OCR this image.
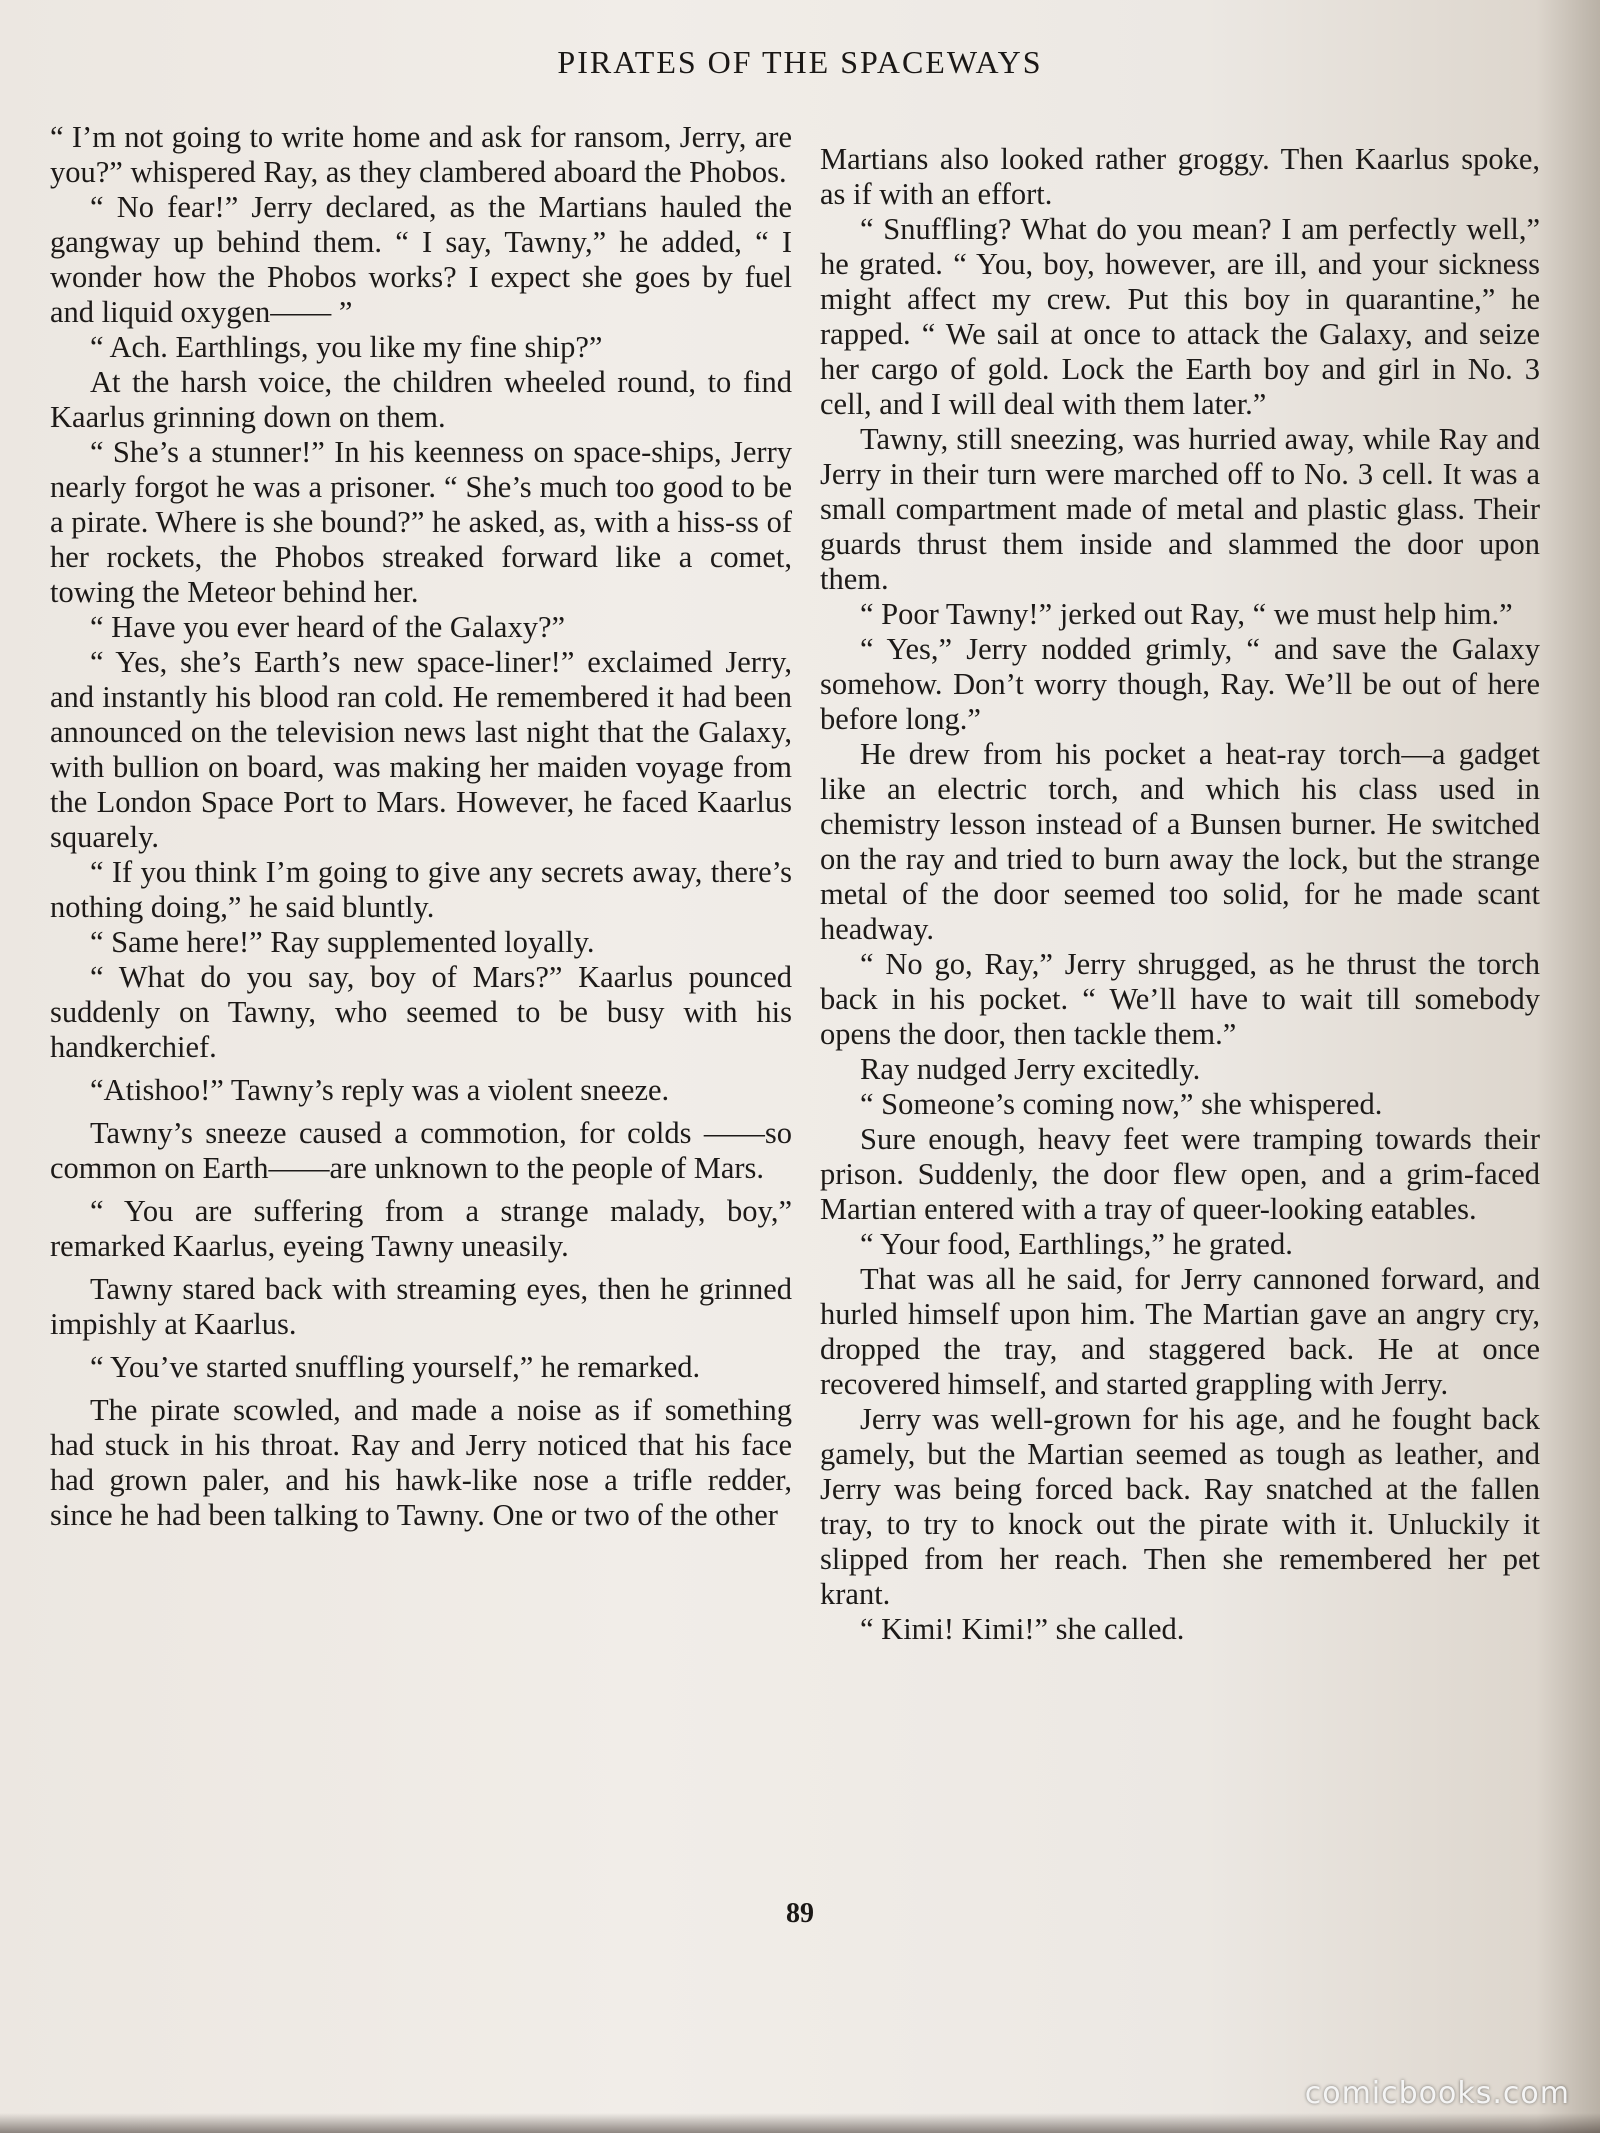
PIRATES OF THE SPACEWAYS

“ I’m not going to write home and ask for ransom, Jerry, are you?” whispered Ray, as they clambered aboard the Phobos.

“ No fear!” Jerry declared, as the Martians hauled the gangway up behind them. “ I say, Tawny,” he added, “ I wonder how the Phobos works? I expect she goes by fuel and liquid oxygen—— ”

“ Ach. Earthlings, you like my fine ship?”

At the harsh voice, the children wheeled round, to find Kaarlus grinning down on them.

“ She’s a stunner!” In his keenness on space-ships, Jerry nearly forgot he was a prisoner. “ She’s much too good to be a pirate. Where is she bound?” he asked, as, with a hiss-ss of her rockets, the Phobos streaked forward like a comet, towing the Meteor behind her.

“ Have you ever heard of the Galaxy?”

“ Yes, she’s Earth’s new space-liner!” exclaimed Jerry, and instantly his blood ran cold. He remembered it had been announced on the television news last night that the Galaxy, with bullion on board, was making her maiden voyage from the London Space Port to Mars. However, he faced Kaarlus squarely.

“ If you think I’m going to give any secrets away, there’s nothing doing,” he said bluntly.

“ Same here!” Ray supplemented loyally.

“ What do you say, boy of Mars?” Kaarlus pounced suddenly on Tawny, who seemed to be busy with his handkerchief.

“Atishoo!” Tawny’s reply was a violent sneeze.

Tawny’s sneeze caused a commotion, for colds ——so common on Earth——are unknown to the people of Mars.

“ You are suffering from a strange malady, boy,” remarked Kaarlus, eyeing Tawny uneasily.

Tawny stared back with streaming eyes, then he grinned impishly at Kaarlus.

“ You’ve started snuffling yourself,” he remarked.

The pirate scowled, and made a noise as if something had stuck in his throat. Ray and Jerry noticed that his face had grown paler, and his hawk-like nose a trifle redder, since he had been talking to Tawny. One or two of the other

Martians also looked rather groggy. Then Kaarlus spoke, as if with an effort.

“ Snuffling? What do you mean? I am perfectly well,” he grated. “ You, boy, however, are ill, and your sickness might affect my crew. Put this boy in quarantine,” he rapped. “ We sail at once to attack the Galaxy, and seize her cargo of gold. Lock the Earth boy and girl in No. 3 cell, and I will deal with them later.”

Tawny, still sneezing, was hurried away, while Ray and Jerry in their turn were marched off to No. 3 cell. It was a small compartment made of metal and plastic glass. Their guards thrust them inside and slammed the door upon them.

“ Poor Tawny!” jerked out Ray, “ we must help him.”

“ Yes,” Jerry nodded grimly, “ and save the Galaxy somehow. Don’t worry though, Ray. We’ll be out of here before long.”

He drew from his pocket a heat-ray torch—a gadget like an electric torch, and which his class used in chemistry lesson instead of a Bunsen burner. He switched on the ray and tried to burn away the lock, but the strange metal of the door seemed too solid, for he made scant headway.

“ No go, Ray,” Jerry shrugged, as he thrust the torch back in his pocket. “ We’ll have to wait till somebody opens the door, then tackle them.”

Ray nudged Jerry excitedly.

“ Someone’s coming now,” she whispered.

Sure enough, heavy feet were tramping towards their prison. Suddenly, the door flew open, and a grim-faced Martian entered with a tray of queer-looking eatables.

“ Your food, Earthlings,” he grated.

That was all he said, for Jerry cannoned forward, and hurled himself upon him. The Martian gave an angry cry, dropped the tray, and staggered back. He at once recovered himself, and started grappling with Jerry.

Jerry was well-grown for his age, and he fought back gamely, but the Martian seemed as tough as leather, and Jerry was being forced back. Ray snatched at the fallen tray, to try to knock out the pirate with it. Unluckily it slipped from her reach. Then she remembered her pet krant.

“ Kimi! Kimi!” she called.

89
comicbooks.com
